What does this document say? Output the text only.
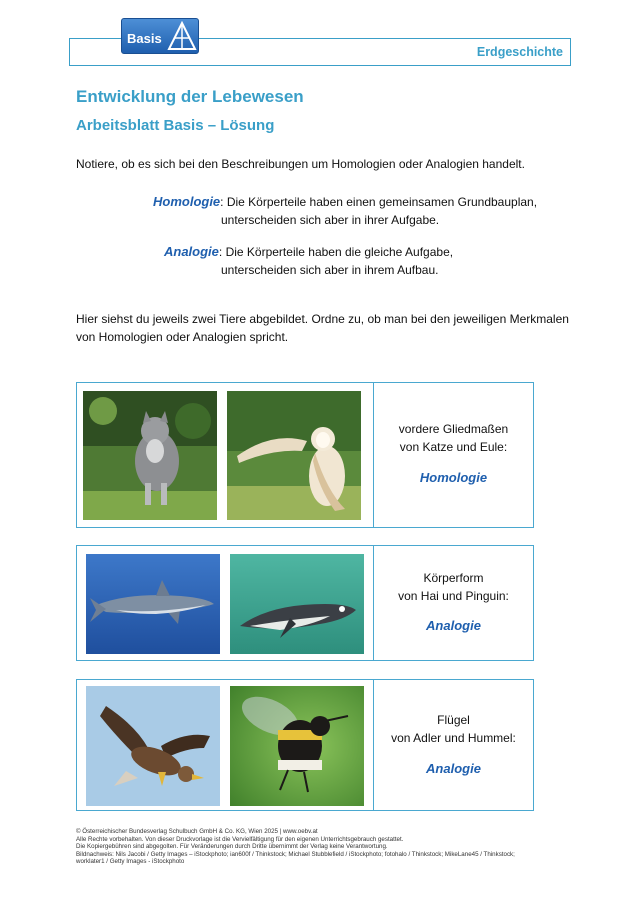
Erdgeschichte
Basis
Entwicklung der Lebewesen
Arbeitsblatt Basis – Lösung
Notiere, ob es sich bei den Beschreibungen um Homologien oder Analogien handelt.
Homologie: Die Körperteile haben einen gemeinsamen Grundbauplan,
unterscheiden sich aber in ihrer Aufgabe.
Analogie: Die Körperteile haben die gleiche Aufgabe,
unterscheiden sich aber in ihrem Aufbau.
Hier siehst du jeweils zwei Tiere abgebildet. Ordne zu, ob man bei den jeweiligen Merkmalen
von Homologien oder Analogien spricht.
vordere Gliedmaßen
von Katze und Eule:
Homologie
Körperform
von Hai und Pinguin:
Analogie
Flügel
von Adler und Hummel:
Analogie
© Österreichischer Bundesverlag Schulbuch GmbH & Co. KG, Wien 2025 | www.oebv.at
Alle Rechte vorbehalten. Von dieser Druckvorlage ist die Vervielfältigung für den eigenen Unterrichtsgebrauch gestattet.
Die Kopiergebühren sind abgegolten. Für Veränderungen durch Dritte übernimmt der Verlag keine Verantwortung.
Bildnachweis: Nils Jacobi / Getty Images – iStockphoto; ian600f / Thinkstock; Michael Stubblefield / iStockphoto; fotohalo / Thinkstock; MikeLane45 / Thinkstock;
worklater1 / Getty Images - iStockphoto
